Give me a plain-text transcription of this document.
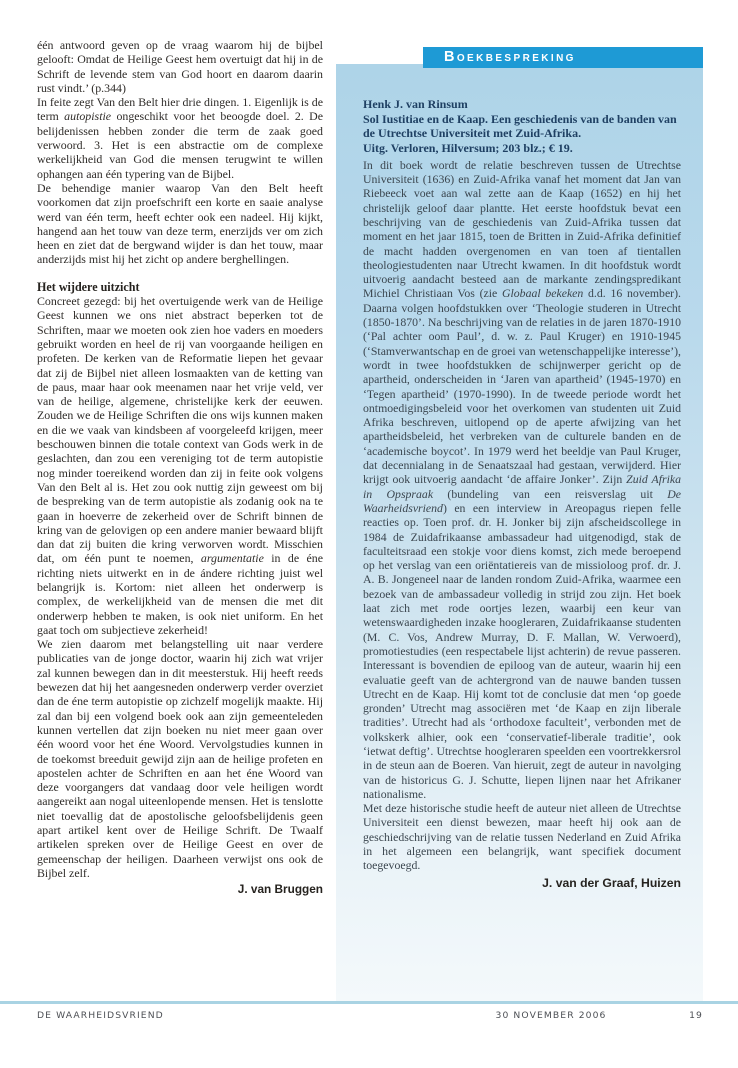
één antwoord geven op de vraag waarom hij de bijbel gelooft: Omdat de Heilige Geest hem overtuigt dat hij in de Schrift de levende stem van God hoort en daarom daarin rust vindt.’ (p.344)

In feite zegt Van den Belt hier drie dingen. 1. Eigenlijk is de term autopistie ongeschikt voor het beoogde doel. 2. De belijdenissen hebben zonder die term de zaak goed verwoord. 3. Het is een abstractie om de complexe werkelijkheid van God die mensen terugwint te willen ophangen aan één typering van de Bijbel.

De behendige manier waarop Van den Belt heeft voorkomen dat zijn proefschrift een korte en saaie analyse werd van één term, heeft echter ook een nadeel. Hij kijkt, hangend aan het touw van deze term, enerzijds ver om zich heen en ziet dat de bergwand wijder is dan het touw, maar anderzijds mist hij het zicht op andere berghellingen.

Het wijdere uitzicht

Concreet gezegd: bij het overtuigende werk van de Heilige Geest kunnen we ons niet abstract beperken tot de Schriften, maar we moeten ook zien hoe vaders en moeders gebruikt worden en heel de rij van voorgaande heiligen en profeten. De kerken van de Reformatie liepen het gevaar dat zij de Bijbel niet alleen losmaakten van de ketting van de paus, maar haar ook meenamen naar het vrije veld, ver van de heilige, algemene, christelijke kerk der eeuwen. Zouden we de Heilige Schriften die ons wijs kunnen maken en die we vaak van kindsbeen af voorgeleefd krijgen, meer beschouwen binnen die totale context van Gods werk in de geslachten, dan zou een vereniging tot de term autopistie nog minder toereikend worden dan zij in feite ook volgens Van den Belt al is. Het zou ook nuttig zijn geweest om bij de bespreking van de term autopistie als zodanig ook na te gaan in hoeverre de zekerheid over de Schrift binnen de kring van de gelovigen op een andere manier bewaard blijft dan dat zij buiten die kring verworven wordt. Misschien dat, om één punt te noemen, argumentatie in de éne richting niets uitwerkt en in de ándere richting juist wel belangrijk is. Kortom: niet alleen het onderwerp is complex, de werkelijkheid van de mensen die met dit onderwerp hebben te maken, is ook niet uniform. En het gaat toch om subjectieve zekerheid!

We zien daarom met belangstelling uit naar verdere publicaties van de jonge doctor, waarin hij zich wat vrijer zal kunnen bewegen dan in dit meesterstuk. Hij heeft reeds bewezen dat hij het aangesneden onderwerp verder overziet dan de éne term autopistie op zichzelf mogelijk maakte. Hij zal dan bij een volgend boek ook aan zijn gemeenteleden kunnen vertellen dat zijn boeken nu niet meer gaan over één woord voor het éne Woord. Vervolgstudies kunnen in de toekomst breeduit gewijd zijn aan de heilige profeten en apostelen achter de Schriften en aan het éne Woord van deze voorgangers dat vandaag door vele heiligen wordt aangereikt aan nogal uiteenlopende mensen. Het is tenslotte niet toevallig dat de apostolische geloofsbelijdenis geen apart artikel kent over de Heilige Schrift. De Twaalf artikelen spreken over de Heilige Geest en over de gemeenschap der heiligen. Daarheen verwijst ons ook de Bijbel zelf.

J. van Bruggen
Henk J. van Rinsum
Sol Iustitiae en de Kaap. Een geschiedenis van de banden van de Utrechtse Universiteit met Zuid-Afrika.
Uitg. Verloren, Hilversum; 203 blz.; € 19.

In dit boek wordt de relatie beschreven tussen de Utrechtse Universiteit (1636) en Zuid-Afrika vanaf het moment dat Jan van Riebeeck voet aan wal zette aan de Kaap (1652) en hij het christelijk geloof daar plantte. Het eerste hoofdstuk bevat een beschrijving van de geschiedenis van Zuid-Afrika tussen dat moment en het jaar 1815, toen de Britten in Zuid-Afrika definitief de macht hadden overgenomen en van toen af tientallen theologiestudenten naar Utrecht kwamen. In dit hoofdstuk wordt uitvoerig aandacht besteed aan de markante zendingspredikant Michiel Christiaan Vos (zie Globaal bekeken d.d. 16 november). Daarna volgen hoofdstukken over ‘Theologie studeren in Utrecht (1850-1870’. Na beschrijving van de relaties in de jaren 1870-1910 (‘Pal achter oom Paul’, d. w. z. Paul Kruger) en 1910-1945 (‘Stamverwantschap en de groei van wetenschappelijke interesse’), wordt in twee hoofdstukken de schijnwerper gericht op de apartheid, onderscheiden in ‘Jaren van apartheid’ (1945-1970) en ‘Tegen apartheid’ (1970-1990). In de tweede periode wordt het ontmoedigingsbeleid voor het overkomen van studenten uit Zuid Afrika beschreven, uitlopend op de aperte afwijzing van het apartheidsbeleid, het verbreken van de culturele banden en de ‘academische boycot’. In 1979 werd het beeldje van Paul Kruger, dat decennialang in de Senaatszaal had gestaan, verwijderd. Hier krijgt ook uitvoerig aandacht ‘de affaire Jonker’. Zijn Zuid Afrika in Opspraak (bundeling van een reisverslag uit De Waarheidsvriend) en een interview in Areopagus riepen felle reacties op. Toen prof. dr. H. Jonker bij zijn afscheidscollege in 1984 de Zuidafrikaanse ambassadeur had uitgenodigd, stak de faculteitsraad een stokje voor diens komst, zich mede beroepend op het verslag van een oriëntatiereis van de missioloog prof. dr. J. A. B. Jongeneel naar de landen rondom Zuid-Afrika, waarmee een bezoek van de ambassadeur volledig in strijd zou zijn. Het boek laat zich met rode oortjes lezen, waarbij een keur van wetenswaardigheden inzake hoogleraren, Zuidafrikaanse studenten (M. C. Vos, Andrew Murray, D. F. Mallan, W. Verwoerd), promotiestudies (een respectabele lijst achterin) de revue passeren. Interessant is bovendien de epiloog van de auteur, waarin hij een evaluatie geeft van de achtergrond van de nauwe banden tussen Utrecht en de Kaap. Hij komt tot de conclusie dat men ‘op goede gronden’ Utrecht mag associëren met ‘de Kaap en zijn liberale tradities’. Utrecht had als ‘orthodoxe faculteit’, verbonden met de volkskerk alhier, ook een ‘conservatief-liberale traditie’, ook ‘ietwat deftig’. Utrechtse hoogleraren speelden een voortrekkersrol in de steun aan de Boeren. Van hieruit, zegt de auteur in navolging van de historicus G. J. Schutte, liepen lijnen naar het Afrikaner nationalisme.

Met deze historische studie heeft de auteur niet alleen de Utrechtse Universiteit een dienst bewezen, maar heeft hij ook aan de geschiedschrijving van de relatie tussen Nederland en Zuid Afrika in het algemeen een belangrijk, want specifiek document toegevoegd.

J. van der Graaf, Huizen
Boekbespreking
DE WAARHEIDSVRIEND	30 NOVEMBER 2006	19
